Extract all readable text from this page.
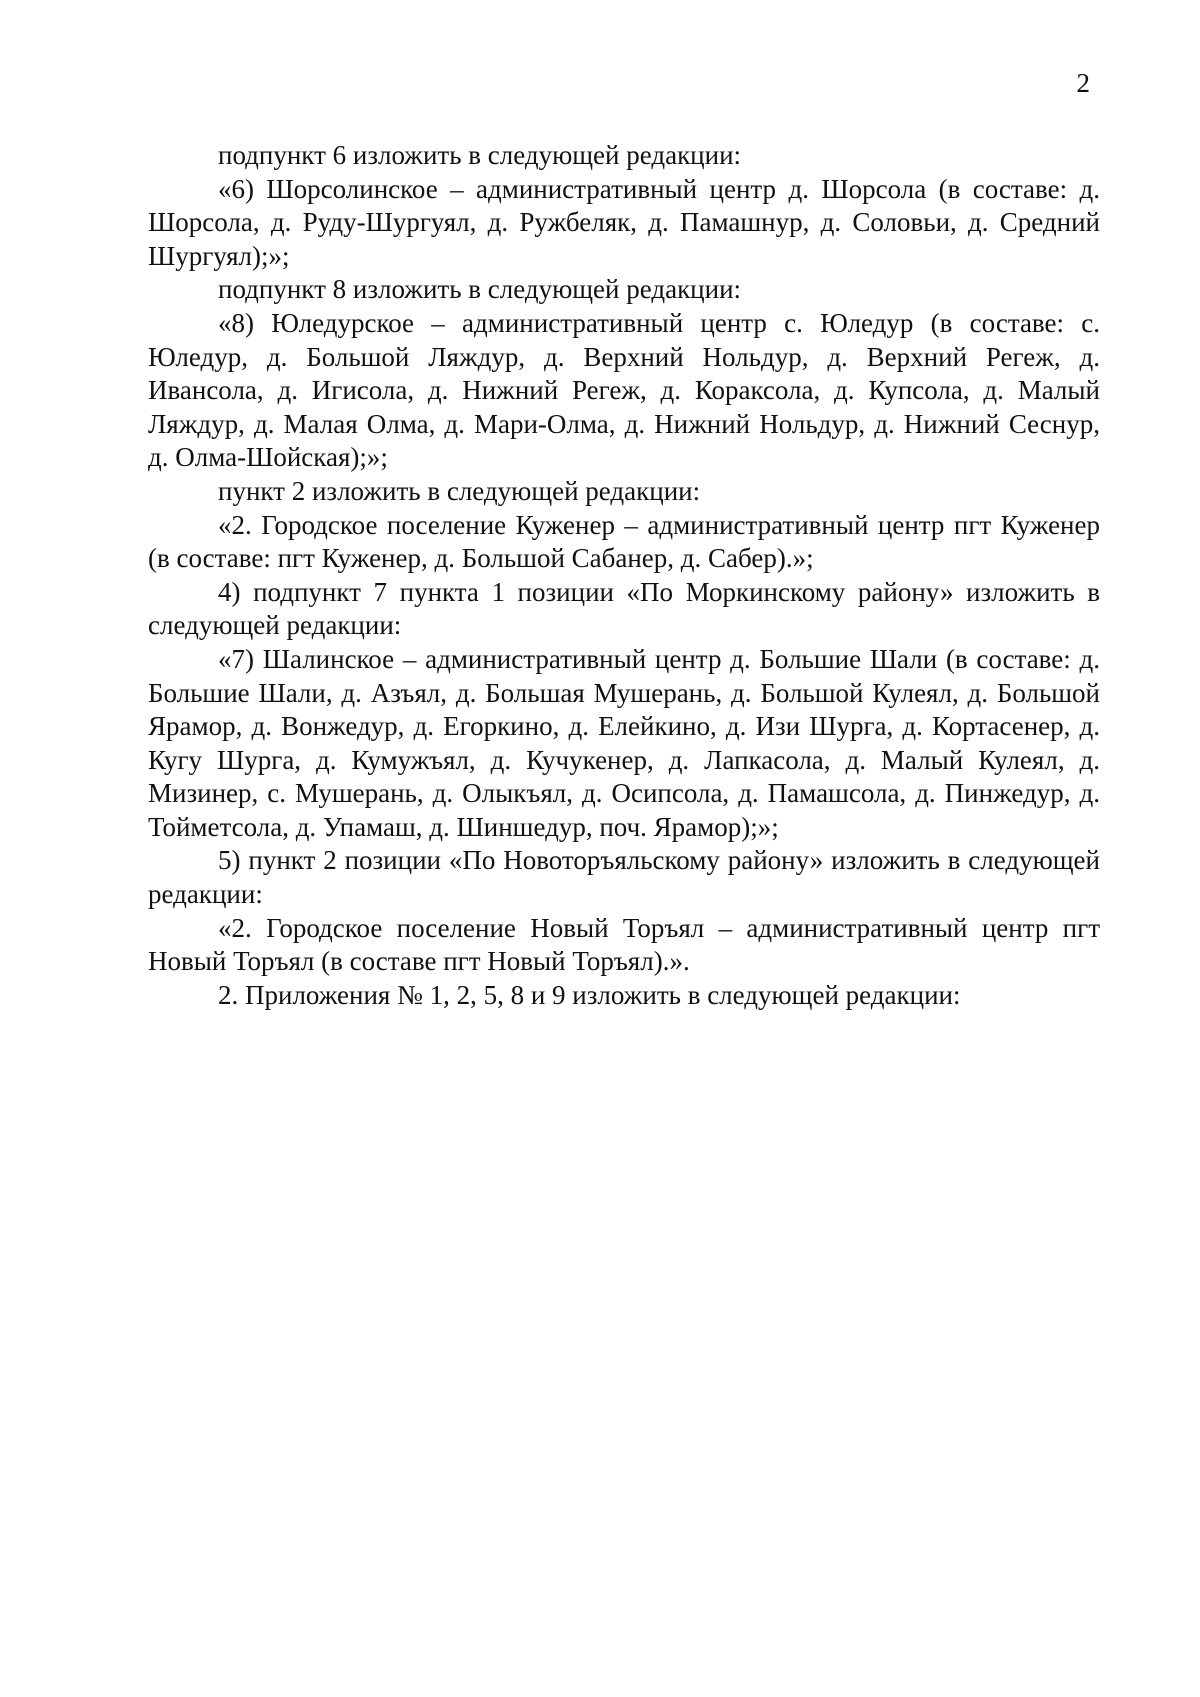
2

подпункт 6 изложить в следующей редакции:

«6) Шорсолинское – административный центр д. Шорсола (в составе: д. Шорсола, д. Руду-Шургуял, д. Ружбеляк, д. Памашнур, д. Соловьи, д. Средний Шургуял);»;

подпункт 8 изложить в следующей редакции:

«8) Юледурское – административный центр с. Юледур (в составе: с. Юледур, д. Большой Ляждур, д. Верхний Нольдур, д. Верхний Регеж, д. Ивансола, д. Игисола, д. Нижний Регеж, д. Кораксола, д. Купсола, д. Малый Ляждур, д. Малая Олма, д. Мари-Олма, д. Нижний Нольдур, д. Нижний Сеснур, д. Олма-Шойская);»;

пункт 2 изложить в следующей редакции:

«2. Городское поселение Куженер – административный центр пгт Куженер (в составе: пгт Куженер, д. Большой Сабанер, д. Сабер).»;

4) подпункт 7 пункта 1 позиции «По Моркинскому району» изложить в следующей редакции:

«7) Шалинское – административный центр д. Большие Шали (в составе: д. Большие Шали, д. Азъял, д. Большая Мушерань, д. Большой Кулеял, д. Большой Ярамор, д. Вонжедур, д. Егоркино, д. Елейкино, д. Изи Шурга, д. Кортасенер, д. Кугу Шурга, д. Кумужъял, д. Кучукенер, д. Лапкасола, д. Малый Кулеял, д. Мизинер, с. Мушерань, д. Олыкъял, д. Осипсола, д. Памашсола, д. Пинжедур, д. Тойметсола, д. Упамаш, д. Шиншедур, поч. Ярамор);»;

5) пункт 2 позиции «По Новоторъяльскому району» изложить в следующей редакции:

«2. Городское поселение Новый Торъял – административный центр пгт Новый Торъял (в составе пгт Новый Торъял).».

2. Приложения № 1, 2, 5, 8 и 9 изложить в следующей редакции:
